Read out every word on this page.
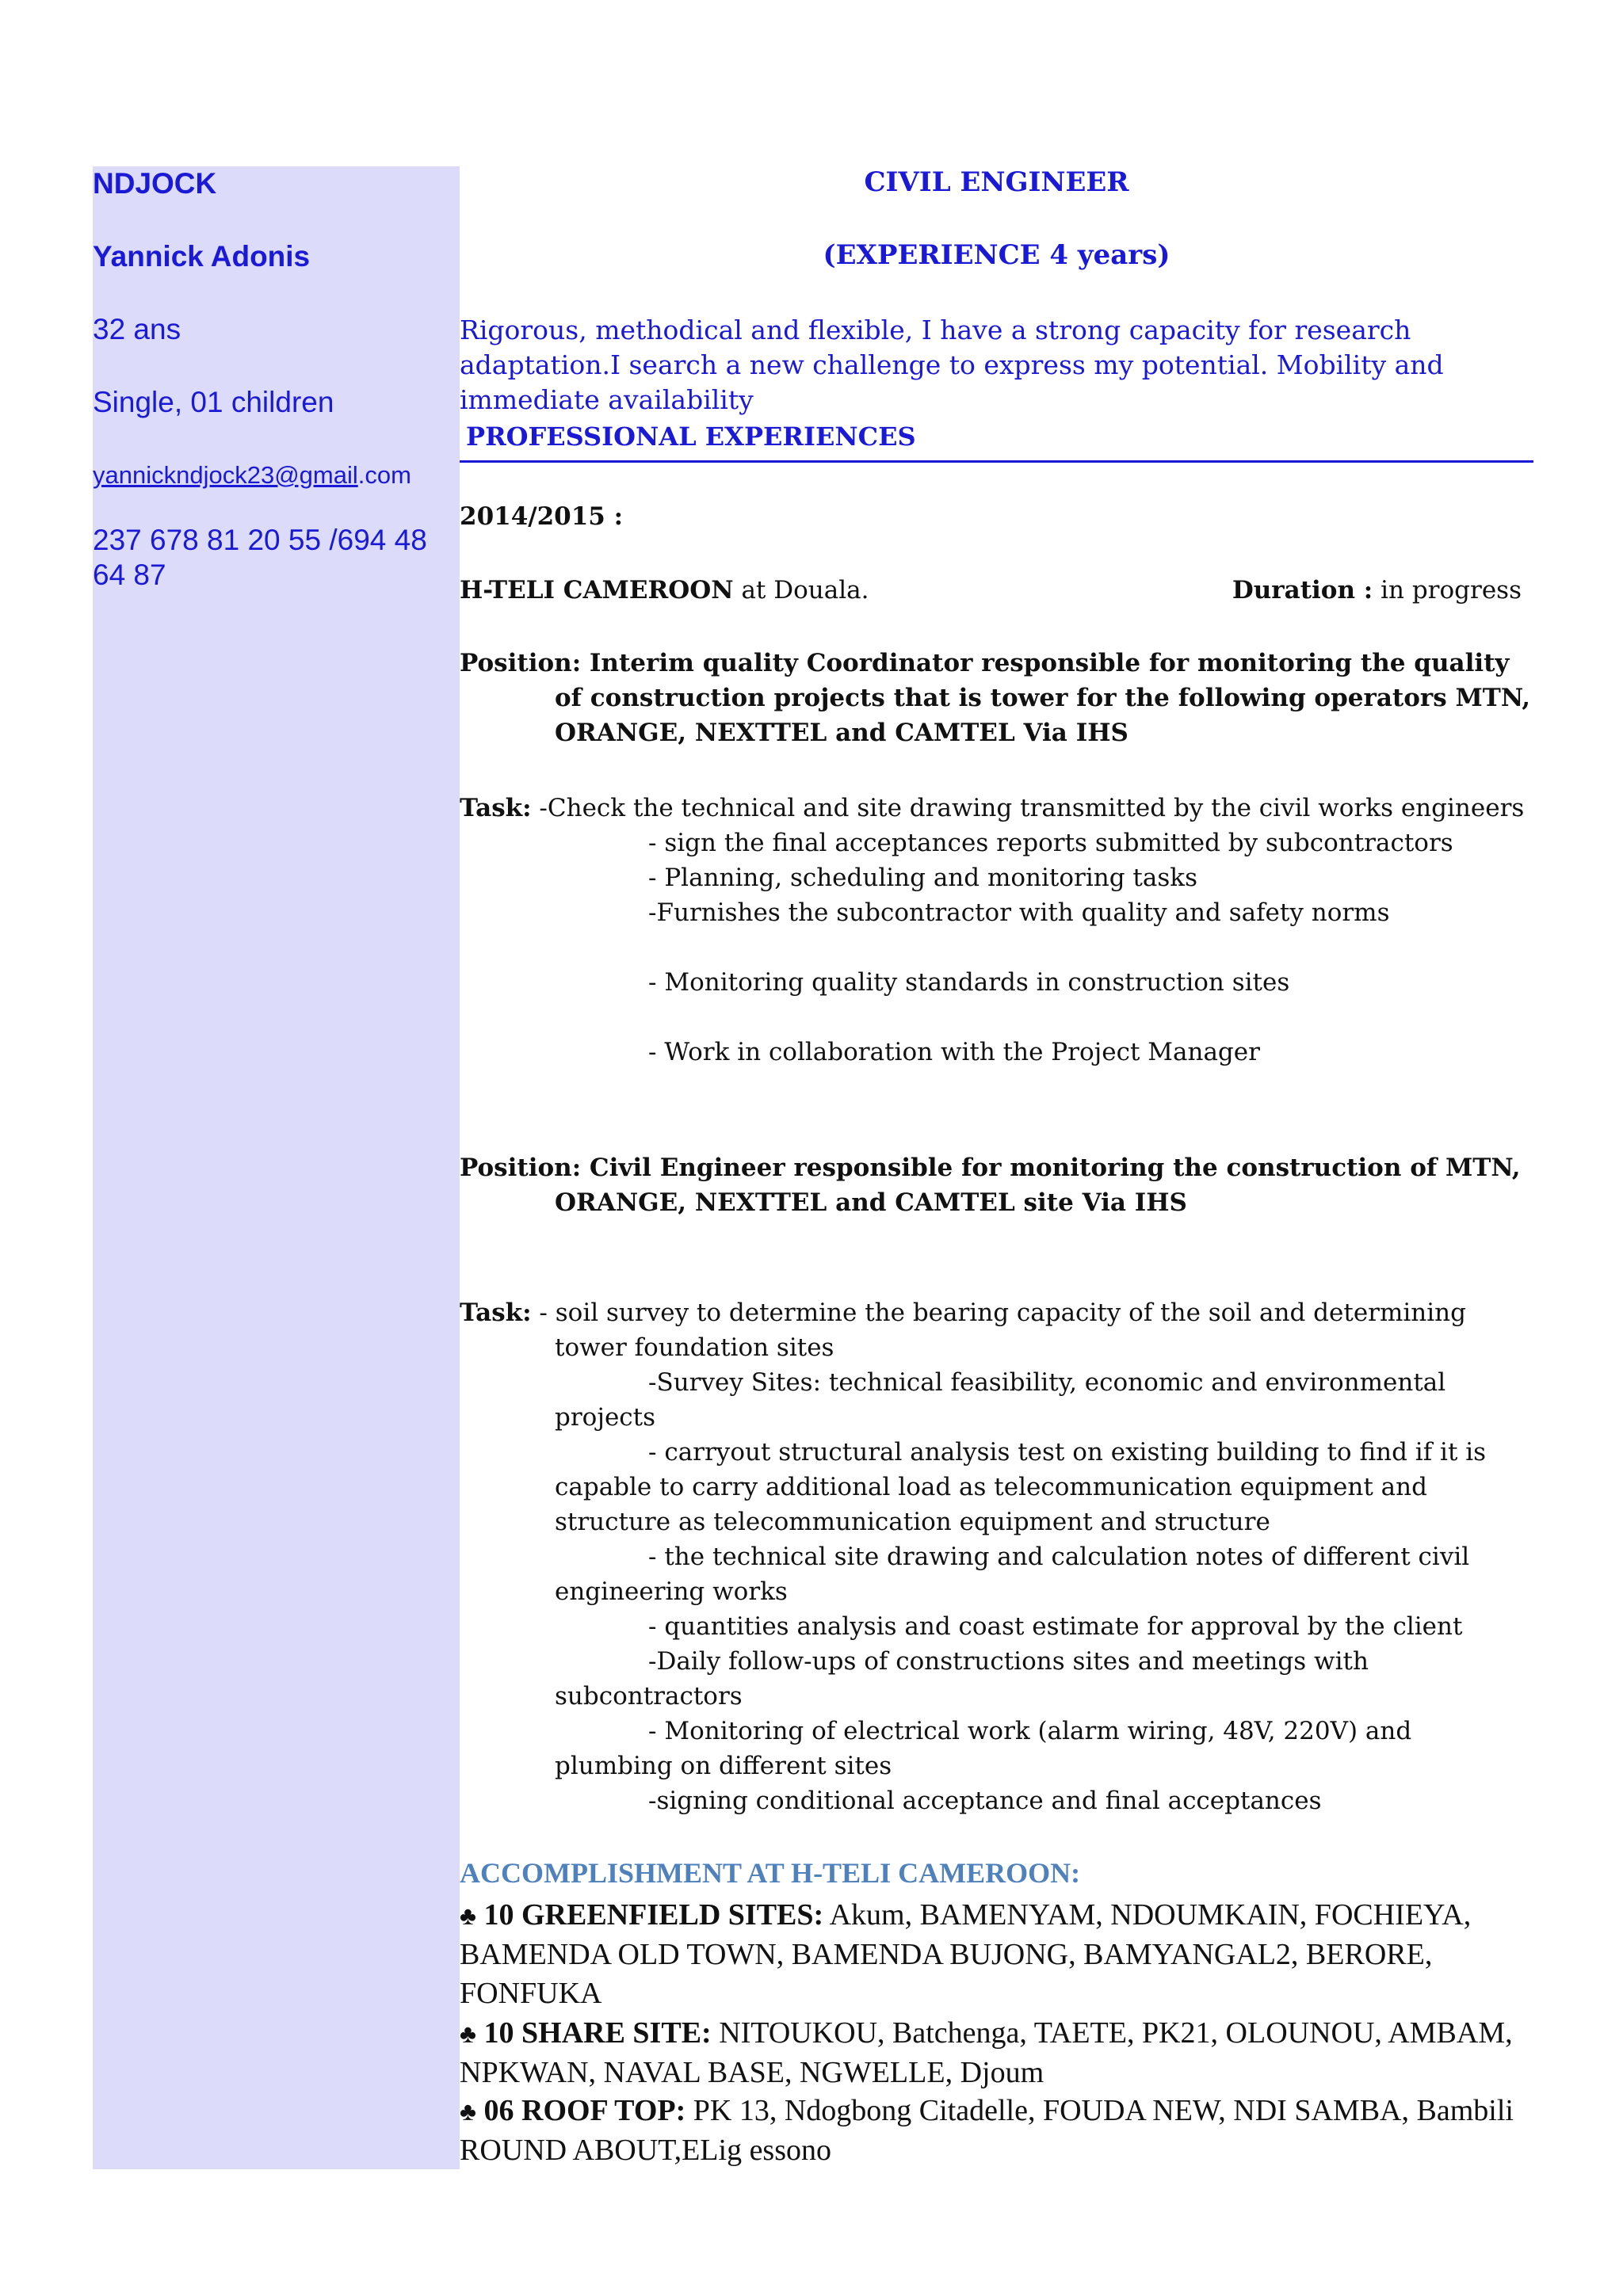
NDJOCK

Yannick Adonis

32 ans

Single, 01 children

yannickndjock23@gmail.com

237 678 81 20 55 /694 48 64 87

CIVIL ENGINEER

(EXPERIENCE 4 years)

Rigorous, methodical and flexible, I have a strong capacity for research adaptation.I search a new challenge to express my potential. Mobility and immediate availability

PROFESSIONAL EXPERIENCES

2014/2015 :

H-TELI CAMEROON at Douala.	Duration : in progress

Position: Interim quality Coordinator responsible for monitoring the quality of construction projects that is tower for the following operators MTN, ORANGE, NEXTTEL and CAMTEL Via IHS

Task: -Check the technical and site drawing transmitted by the civil works engineers

- sign the final acceptances reports submitted by subcontractors

- Planning, scheduling and monitoring tasks

-Furnishes the subcontractor with quality and safety norms

- Monitoring quality standards in construction sites

- Work in collaboration with the Project Manager

Position: Civil Engineer responsible for monitoring the construction of MTN, ORANGE, NEXTTEL and CAMTEL site Via IHS

Task: - soil survey to determine the bearing capacity of the soil and determining tower foundation sites

-Survey Sites: technical feasibility, economic and environmental projects

- carryout structural analysis test on existing building to find if it is capable to carry additional load as telecommunication equipment and structure as telecommunication equipment and structure

- the technical site drawing and calculation notes of different civil engineering works

- quantities analysis and coast estimate for approval by the client

-Daily follow-ups of constructions sites and meetings with subcontractors

- Monitoring of electrical work (alarm wiring, 48V, 220V) and plumbing on different sites

-signing conditional acceptance and final acceptances

ACCOMPLISHMENT AT H-TELI CAMEROON:

♣ 10 GREENFIELD SITES: Akum, BAMENYAM, NDOUMKAIN, FOCHIEYA, BAMENDA OLD TOWN, BAMENDA BUJONG, BAMYANGAL2, BERORE, FONFUKA

♣ 10 SHARE SITE: NITOUKOU, Batchenga, TAETE, PK21, OLOUNOU, AMBAM, NPKWAN, NAVAL BASE, NGWELLE, Djoum

♣ 06 ROOF TOP: PK 13, Ndogbong Citadelle, FOUDA NEW, NDI SAMBA, Bambili ROUND ABOUT,ELig essono
